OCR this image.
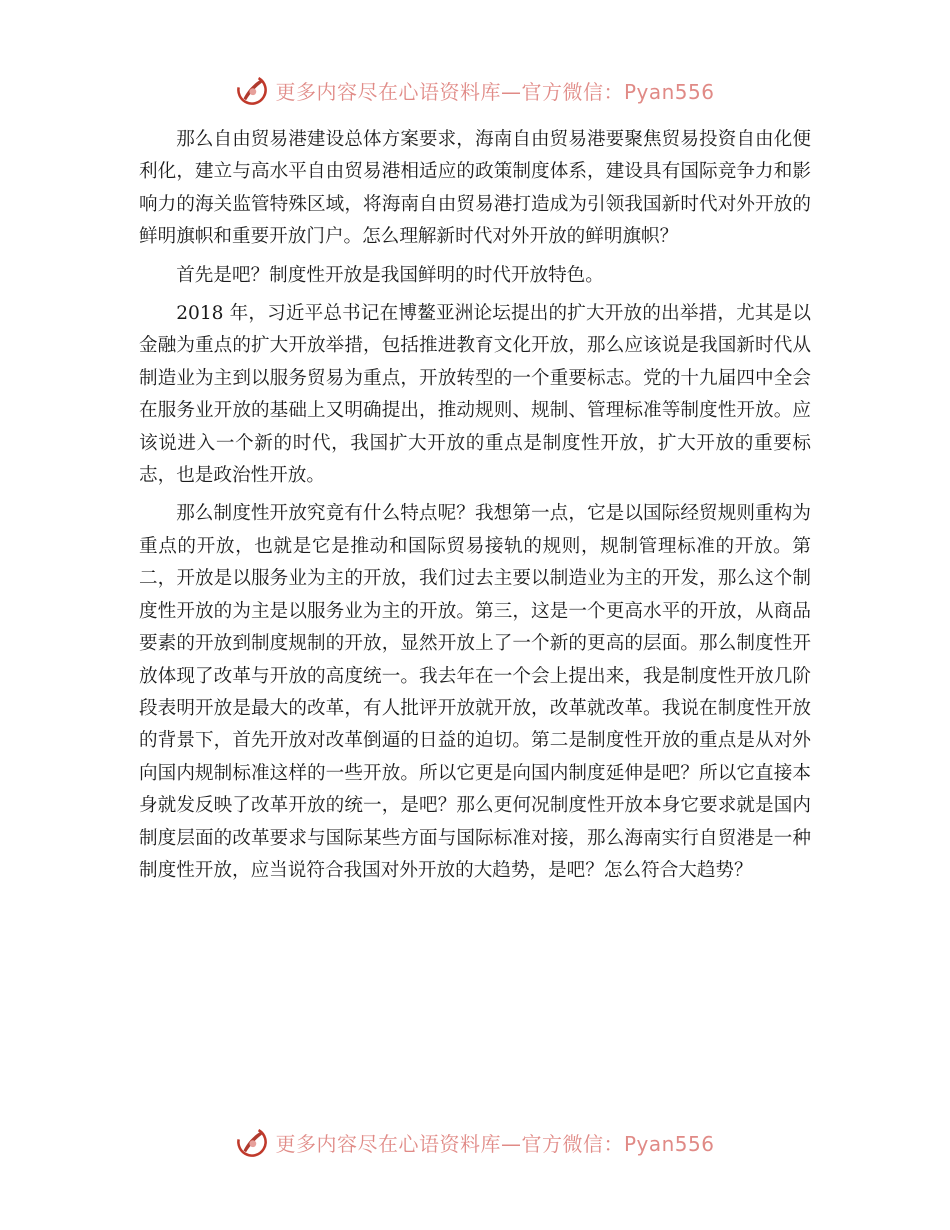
更多内容尽在心语资料库—官方微信：Pyan556

那么自由贸易港建设总体方案要求，海南自由贸易港要聚焦贸易投资自由化便利化，建立与高水平自由贸易港相适应的政策制度体系，建设具有国际竞争力和影响力的海关监管特殊区域，将海南自由贸易港打造成为引领我国新时代对外开放的鲜明旗帜和重要开放门户。怎么理解新时代对外开放的鲜明旗帜？

首先是吧？制度性开放是我国鲜明的时代开放特色。

2018 年，习近平总书记在博鳌亚洲论坛提出的扩大开放的出举措，尤其是以金融为重点的扩大开放举措，包括推进教育文化开放，那么应该说是我国新时代从制造业为主到以服务贸易为重点，开放转型的一个重要标志。党的十九届四中全会在服务业开放的基础上又明确提出，推动规则、规制、管理标准等制度性开放。应该说进入一个新的时代，我国扩大开放的重点是制度性开放，扩大开放的重要标志，也是政治性开放。

那么制度性开放究竟有什么特点呢？我想第一点，它是以国际经贸规则重构为重点的开放，也就是它是推动和国际贸易接轨的规则，规制管理标准的开放。第二，开放是以服务业为主的开放，我们过去主要以制造业为主的开发，那么这个制度性开放的为主是以服务业为主的开放。第三，这是一个更高水平的开放，从商品要素的开放到制度规制的开放，显然开放上了一个新的更高的层面。那么制度性开放体现了改革与开放的高度统一。我去年在一个会上提出来，我是制度性开放几阶段表明开放是最大的改革，有人批评开放就开放，改革就改革。我说在制度性开放的背景下，首先开放对改革倒逼的日益的迫切。第二是制度性开放的重点是从对外向国内规制标准这样的一些开放。所以它更是向国内制度延伸是吧？所以它直接本身就发反映了改革开放的统一，是吧？那么更何况制度性开放本身它要求就是国内制度层面的改革要求与国际某些方面与国际标准对接，那么海南实行自贸港是一种制度性开放，应当说符合我国对外开放的大趋势，是吧？怎么符合大趋势？

更多内容尽在心语资料库—官方微信：Pyan556
